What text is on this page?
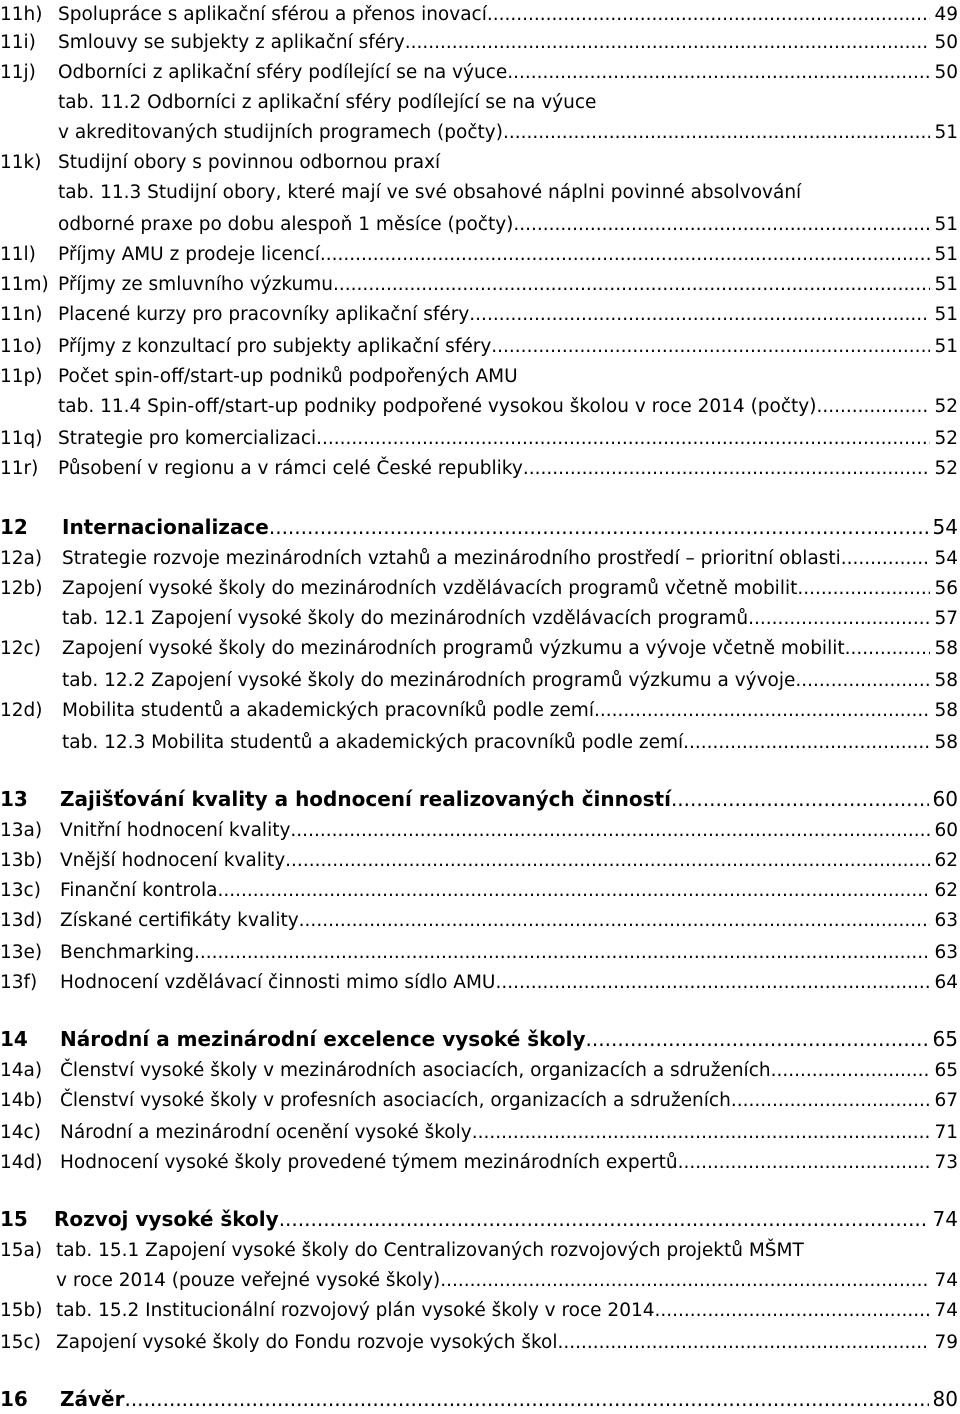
11h) Spolupráce s aplikační sférou a přenos inovací .....	49
11i) Smlouvy se subjekty z aplikační sféry .....	50
11j) Odborníci z aplikační sféry podílející se na výuce .....	50
tab. 11.2 Odborníci z aplikační sféry podílející se na výuce
v akreditovaných studijních programech (počty) .....	51
11k) Studijní obory s povinnou odbornou praxí
tab. 11.3 Studijní obory, které mají ve své obsahové náplni povinné absolvování
odborné praxe po dobu alespoň 1 měsíce (počty) .....	51
11l) Příjmy AMU z prodeje licencí .....	51
11m) Příjmy ze smluvního výzkumu .....	51
11n) Placené kurzy pro pracovníky aplikační sféry .....	51
11o) Příjmy z konzultací pro subjekty aplikační sféry .....	51
11p) Počet spin-off/start-up podniků podpořených AMU
tab. 11.4 Spin-off/start-up podniky podpořené vysokou školou v roce 2014 (počty) .....	52
11q) Strategie pro komercializaci .....	52
11r) Působení v regionu a v rámci celé České republiky .....	52
12 Internacionalizace .....	54
12a) Strategie rozvoje mezinárodních vztahů a mezinárodního prostředí – prioritní oblasti .....	54
12b) Zapojení vysoké školy do mezinárodních vzdělávacích programů včetně mobilit .....	56
tab. 12.1 Zapojení vysoké školy do mezinárodních vzdělávacích programů .....	57
12c) Zapojení vysoké školy do mezinárodních programů výzkumu a vývoje včetně mobilit .....	58
tab. 12.2 Zapojení vysoké školy do mezinárodních programů výzkumu a vývoje .....	58
12d) Mobilita studentů a akademických pracovníků podle zemí .....	58
tab. 12.3 Mobilita studentů a akademických pracovníků podle zemí .....	58
13 Zajišťování kvality a hodnocení realizovaných činností .....	60
13a) Vnitřní hodnocení kvality .....	60
13b) Vnější hodnocení kvality .....	62
13c) Finanční kontrola .....	62
13d) Získané certifikáty kvality .....	63
13e) Benchmarking .....	63
13f) Hodnocení vzdělávací činnosti mimo sídlo AMU .....	64
14 Národní a mezinárodní excelence vysoké školy .....	65
14a) Členství vysoké školy v mezinárodních asociacích, organizacích a sdruženích .....	65
14b) Členství vysoké školy v profesních asociacích, organizacích a sdruženích .....	67
14c) Národní a mezinárodní ocenění vysoké školy .....	71
14d) Hodnocení vysoké školy provedené týmem mezinárodních expertů .....	73
15 Rozvoj vysoké školy .....	74
15a) tab. 15.1 Zapojení vysoké školy do Centralizovaných rozvojových projektů MŠMT
v roce 2014 (pouze veřejné vysoké školy) .....	74
15b) tab. 15.2 Institucionální rozvojový plán vysoké školy v roce 2014 .....	74
15c) Zapojení vysoké školy do Fondu rozvoje vysokých škol .....	79
16 Závěr .....	80
